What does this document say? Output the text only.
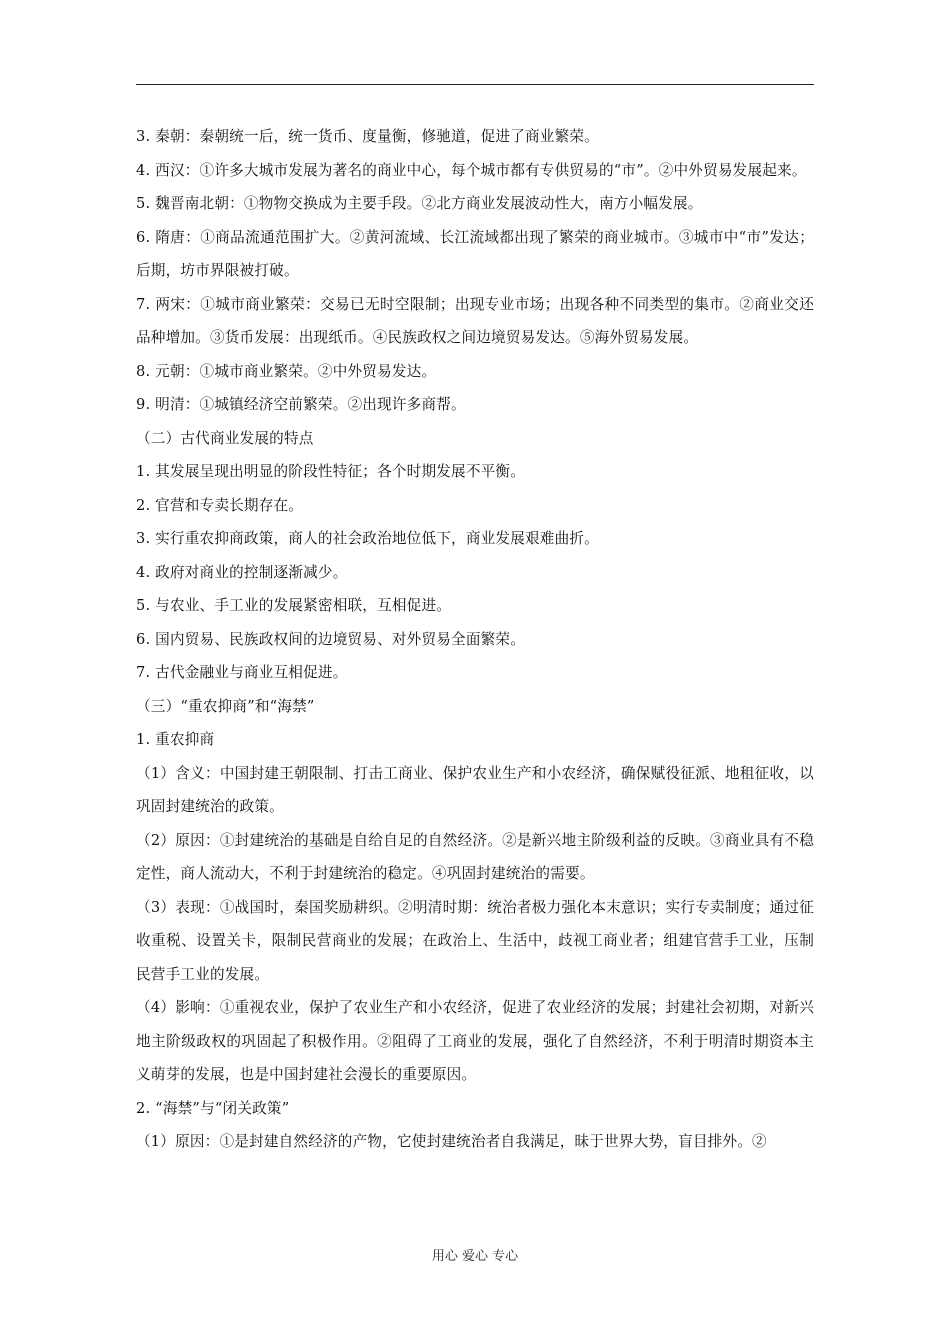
3. 秦朝：秦朝统一后，统一货币、度量衡，修驰道，促进了商业繁荣。

4. 西汉：①许多大城市发展为著名的商业中心，每个城市都有专供贸易的“市”。②中外贸易发展起来。

5. 魏晋南北朝：①物物交换成为主要手段。②北方商业发展波动性大，南方小幅发展。

6. 隋唐：①商品流通范围扩大。②黄河流域、长江流域都出现了繁荣的商业城市。③城市中“市”发达；后期，坊市界限被打破。

7. 两宋：①城市商业繁荣：交易已无时空限制；出现专业市场；出现各种不同类型的集市。②商业交还品种增加。③货币发展：出现纸币。④民族政权之间边境贸易发达。⑤海外贸易发展。

8. 元朝：①城市商业繁荣。②中外贸易发达。

9. 明清：①城镇经济空前繁荣。②出现许多商帮。

（二）古代商业发展的特点

1. 其发展呈现出明显的阶段性特征；各个时期发展不平衡。

2. 官营和专卖长期存在。

3. 实行重农抑商政策，商人的社会政治地位低下，商业发展艰难曲折。

4. 政府对商业的控制逐渐减少。

5. 与农业、手工业的发展紧密相联，互相促进。

6. 国内贸易、民族政权间的边境贸易、对外贸易全面繁荣。

7. 古代金融业与商业互相促进。

（三）“重农抑商”和“海禁”

1. 重农抑商

（1）含义：中国封建王朝限制、打击工商业、保护农业生产和小农经济，确保赋役征派、地租征收，以巩固封建统治的政策。

（2）原因：①封建统治的基础是自给自足的自然经济。②是新兴地主阶级利益的反映。③商业具有不稳定性，商人流动大，不利于封建统治的稳定。④巩固封建统治的需要。

（3）表现：①战国时，秦国奖励耕织。②明清时期：统治者极力强化本末意识；实行专卖制度；通过征收重税、设置关卡，限制民营商业的发展；在政治上、生活中，歧视工商业者；组建官营手工业，压制民营手工业的发展。

（4）影响：①重视农业，保护了农业生产和小农经济，促进了农业经济的发展；封建社会初期，对新兴地主阶级政权的巩固起了积极作用。②阻碍了工商业的发展，强化了自然经济，不利于明清时期资本主义萌芽的发展，也是中国封建社会漫长的重要原因。

2. “海禁”与“闭关政策”

（1）原因：①是封建自然经济的产物，它使封建统治者自我满足，昧于世界大势，盲目排外。②

用心 爱心 专心
